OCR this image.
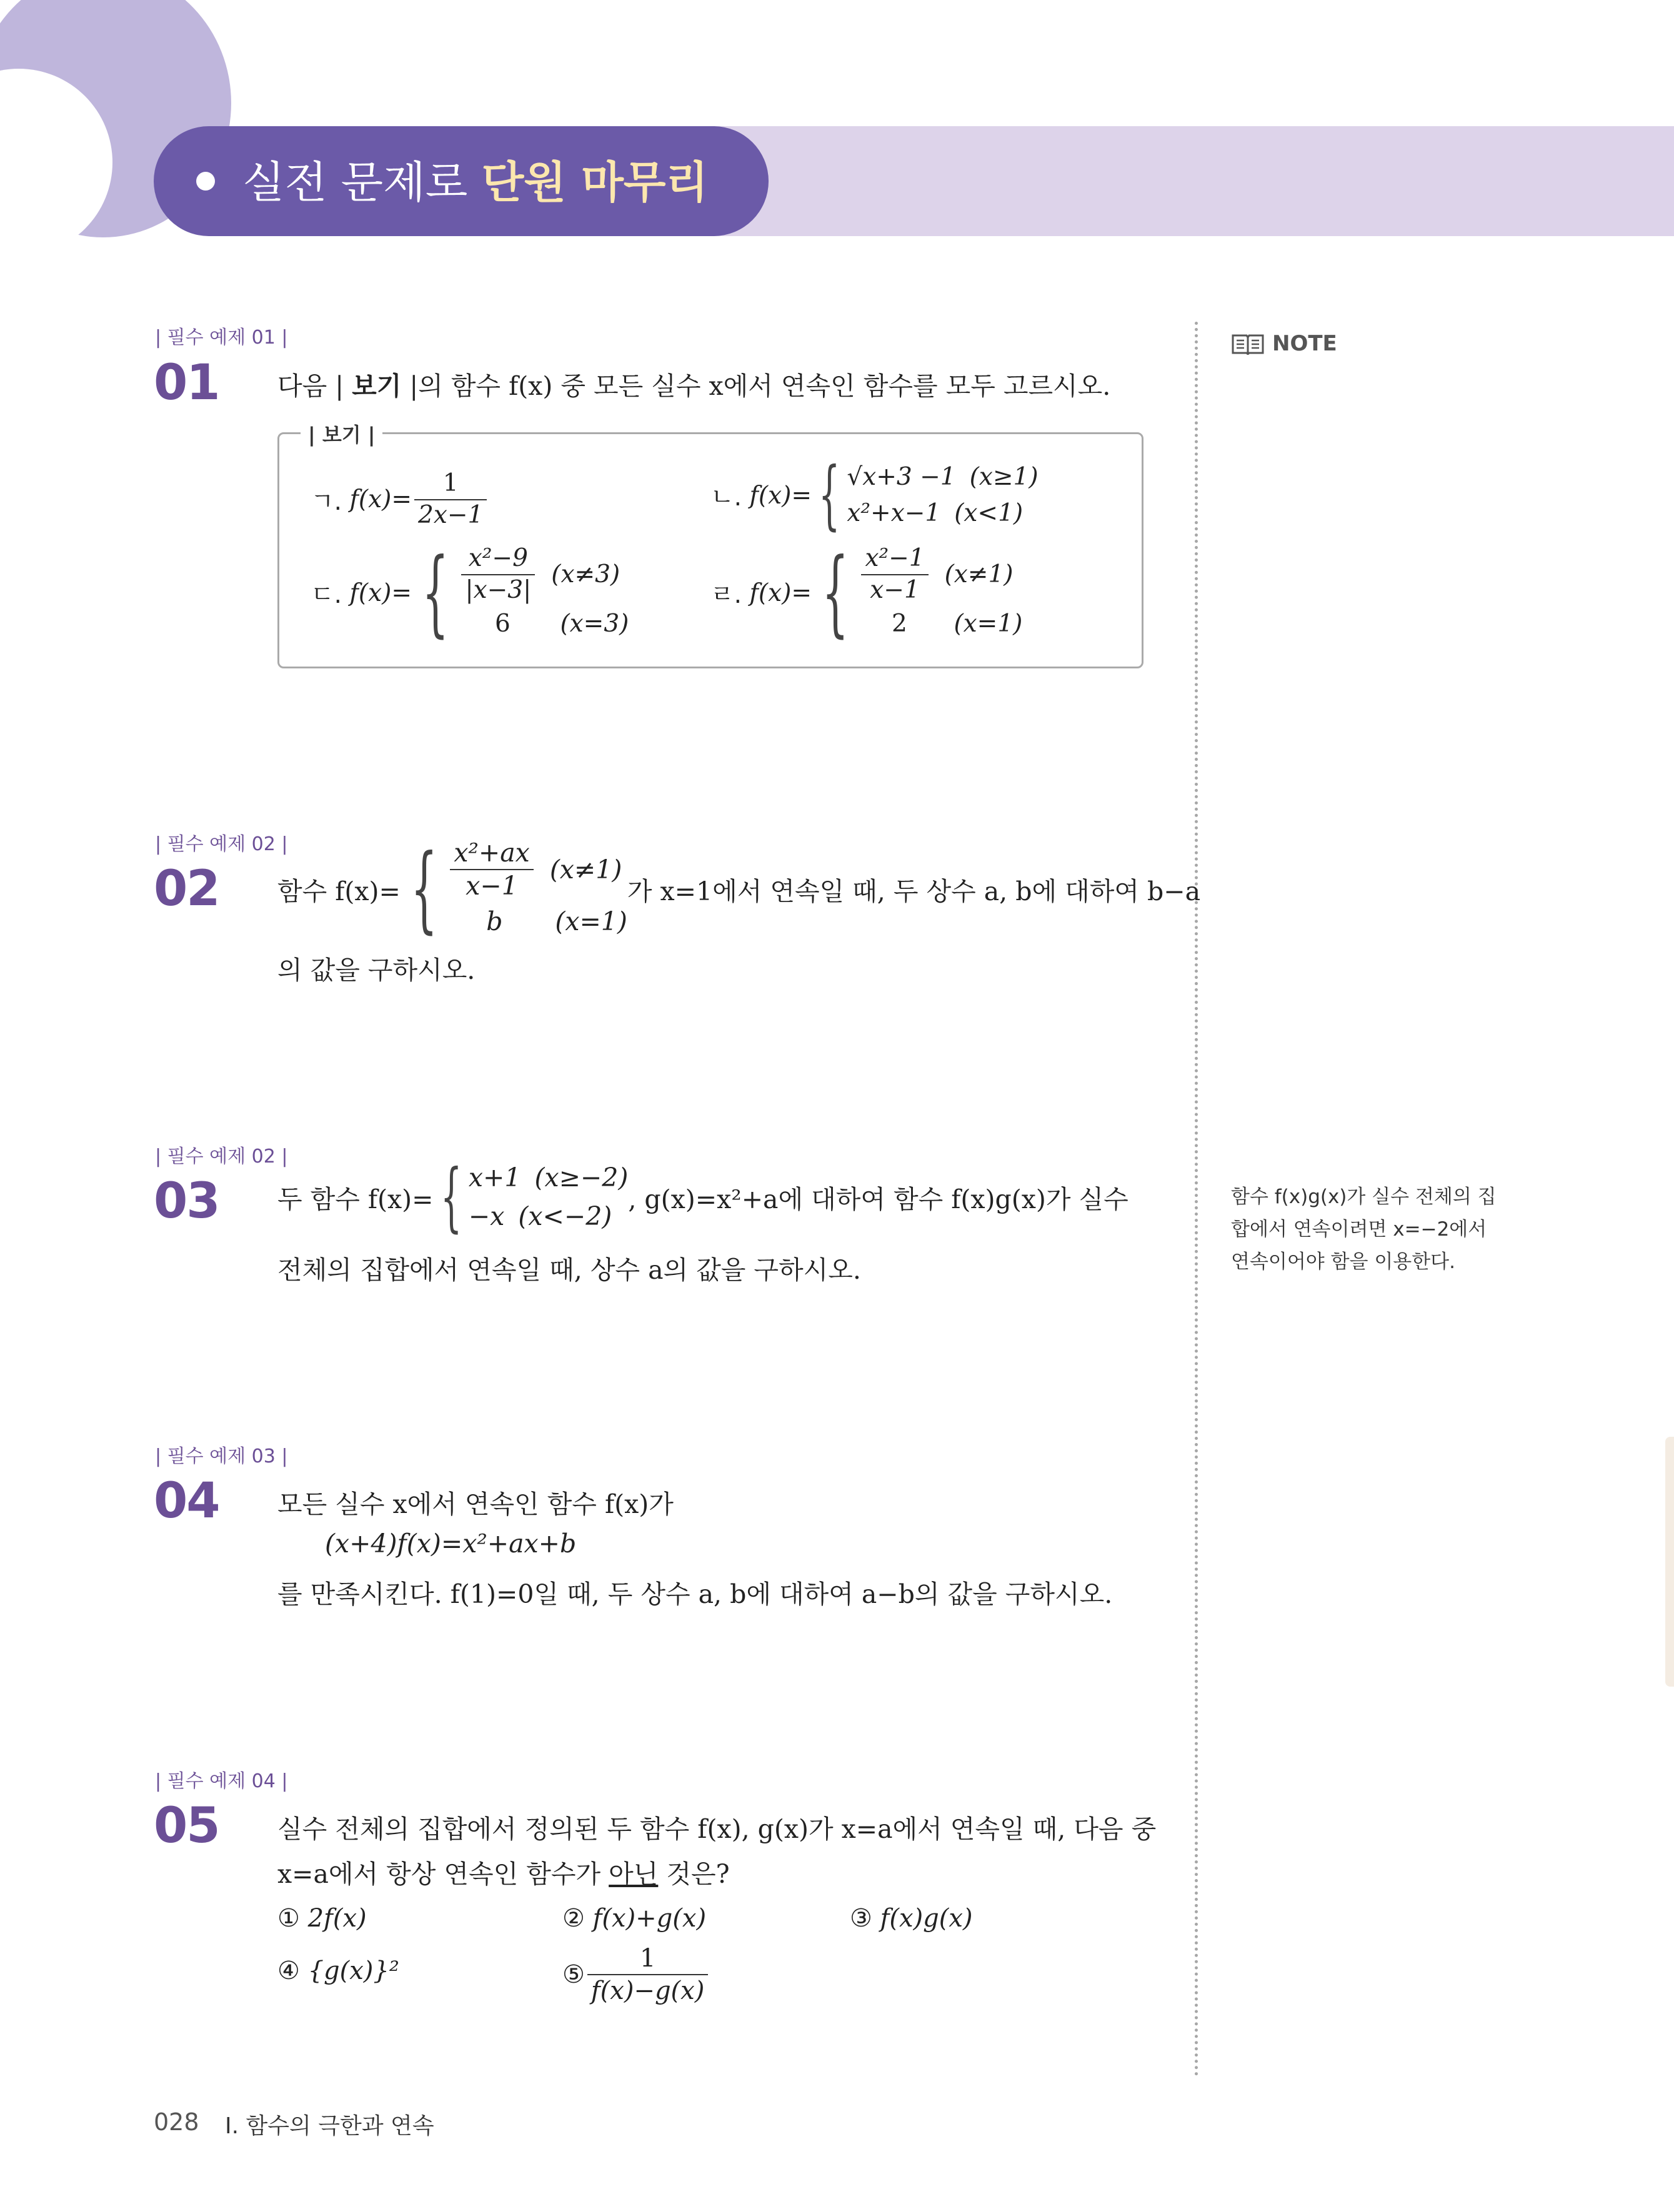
실전 문제로 단원 마무리
NOTE
함수 f(x)g(x)가 실수 전체의 집합에서 연속이려면 x=−2에서 연속이어야 함을 이용한다.
| 필수 예제 01 |
01 다음 | 보기 |의 함수 f(x) 중 모든 실수 x에서 연속인 함수를 모두 고르시오.
| 보기 |
ㄱ.
$f(x)= \frac{1}{2x-1}$	ㄴ.
f(x)= { √x+3 −1 (x≥1)
x²+x−1 (x<1)
ㄷ.
f(x)= { $\frac{\text{x²−9}}{|x-3|} (x\ne 3)$
6	(x=3)
ㄹ.
f(x)= { $\frac{\text{x²−1}}{x-1} (x\ne 1)$
2	(x=1)
| 필수 예제 02 |
02 함수 f(x)= { $\frac{\text{x²+ax}}{x-1} (x\ne 1)$
b	(x=1)
가 x=1에서 연속일 때, 두 상수 a, b에 대하여 b−a
의 값을 구하시오.
| 필수 예제 02 |
03 두 함수 f(x)= { x+1 (x≥−2)
−x (x<−2)
, g(x)=x²+a에 대하여 함수 f(x)g(x)가 실수
전체의 집합에서 연속일 때, 상수 a의 값을 구하시오.
| 필수 예제 03 |
04 모든 실수 x에서 연속인 함수 f(x)가
(x+4)f(x)=x²+ax+b
를 만족시킨다. f(1)=0일 때, 두 상수 a, b에 대하여 a−b의 값을 구하시오.
| 필수 예제 04 |
05 실수 전체의 집합에서 정의된 두 함수 f(x), g(x)가 x=a에서 연속일 때, 다음 중
x=a에서 항상 연속인 함수가 아닌 것은?
① 2f(x)	② f(x)+g(x)	③ f(x)g(x)
④ {g(x)}²	⑤ $\frac{1}{f(x)-g(x)}$
028 I. 함수의 극한과 연속
